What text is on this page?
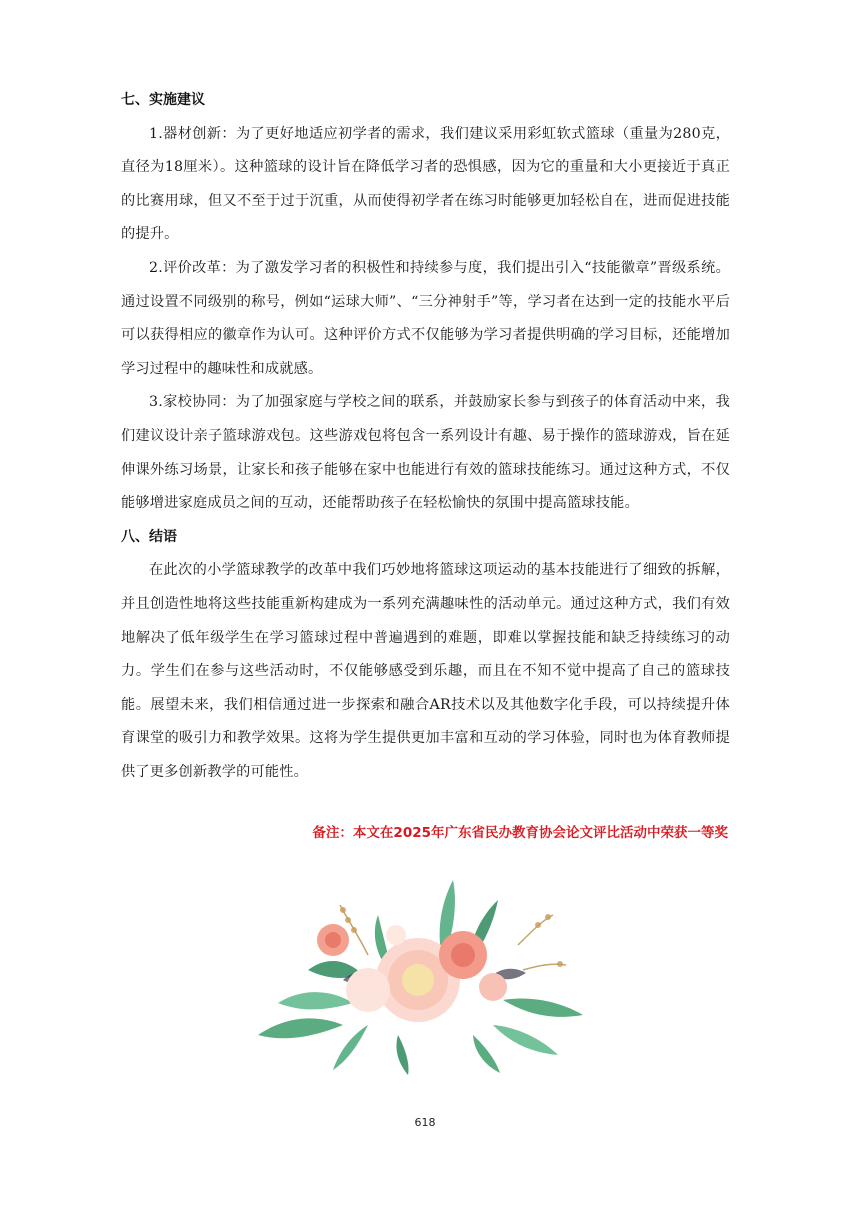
七、实施建议

1.器材创新：为了更好地适应初学者的需求，我们建议采用彩虹软式篮球（重量为280克，直径为18厘米）。这种篮球的设计旨在降低学习者的恐惧感，因为它的重量和大小更接近于真正的比赛用球，但又不至于过于沉重，从而使得初学者在练习时能够更加轻松自在，进而促进技能的提升。

2.评价改革：为了激发学习者的积极性和持续参与度，我们提出引入“技能徽章”晋级系统。通过设置不同级别的称号，例如“运球大师”、“三分神射手”等，学习者在达到一定的技能水平后可以获得相应的徽章作为认可。这种评价方式不仅能够为学习者提供明确的学习目标，还能增加学习过程中的趣味性和成就感。

3.家校协同：为了加强家庭与学校之间的联系，并鼓励家长参与到孩子的体育活动中来，我们建议设计亲子篮球游戏包。这些游戏包将包含一系列设计有趣、易于操作的篮球游戏，旨在延伸课外练习场景，让家长和孩子能够在家中也能进行有效的篮球技能练习。通过这种方式，不仅能够增进家庭成员之间的互动，还能帮助孩子在轻松愉快的氛围中提高篮球技能。

八、结语

在此次的小学篮球教学的改革中我们巧妙地将篮球这项运动的基本技能进行了细致的拆解，并且创造性地将这些技能重新构建成为一系列充满趣味性的活动单元。通过这种方式，我们有效地解决了低年级学生在学习篮球过程中普遍遇到的难题，即难以掌握技能和缺乏持续练习的动力。学生们在参与这些活动时，不仅能够感受到乐趣，而且在不知不觉中提高了自己的篮球技能。展望未来，我们相信通过进一步探索和融合AR技术以及其他数字化手段，可以持续提升体育课堂的吸引力和教学效果。这将为学生提供更加丰富和互动的学习体验，同时也为体育教师提供了更多创新教学的可能性。

备注：本文在2025年广东省民办教育协会论文评比活动中荣获一等奖
618
